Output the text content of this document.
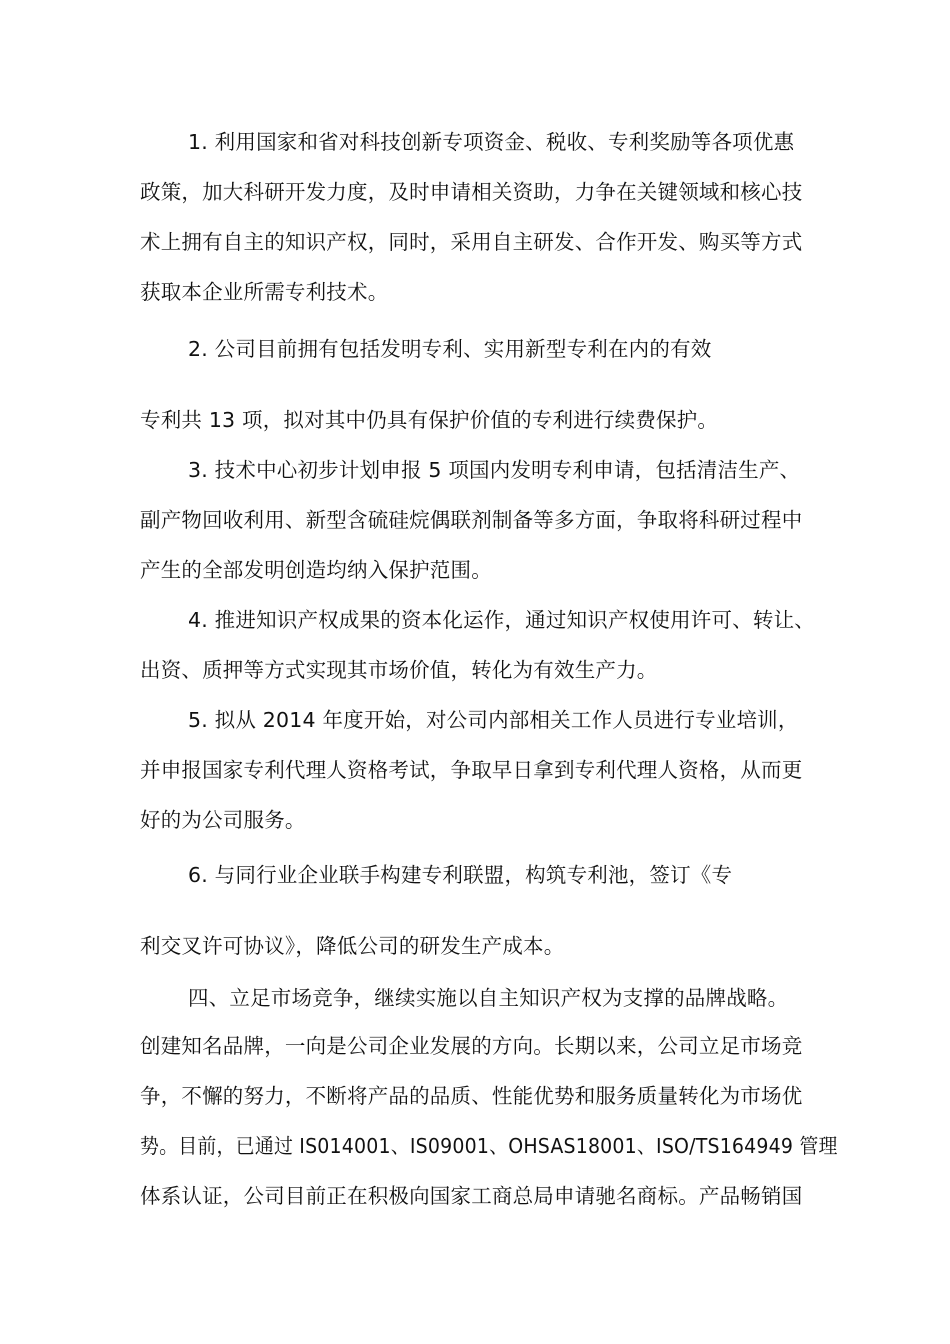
1. 利用国家和省对科技创新专项资金、税收、专利奖励等各项优惠
政策，加大科研开发力度，及时申请相关资助，力争在关键领域和核心技
术上拥有自主的知识产权，同时，采用自主研发、合作开发、购买等方式
获取本企业所需专利技术。
2. 公司目前拥有包括发明专利、实用新型专利在内的有效
专利共 13 项，拟对其中仍具有保护价值的专利进行续费保护。
3. 技术中心初步计划申报 5 项国内发明专利申请，包括清洁生产、
副产物回收利用、新型含硫硅烷偶联剂制备等多方面，争取将科研过程中
产生的全部发明创造均纳入保护范围。
4. 推进知识产权成果的资本化运作，通过知识产权使用许可、转让、
出资、质押等方式实现其市场价值，转化为有效生产力。
5. 拟从 2014 年度开始，对公司内部相关工作人员进行专业培训，
并申报国家专利代理人资格考试，争取早日拿到专利代理人资格，从而更
好的为公司服务。
6. 与同行业企业联手构建专利联盟，构筑专利池，签订《专
利交叉许可协议》，降低公司的研发生产成本。
四、立足市场竞争，继续实施以自主知识产权为支撑的品牌战略。
创建知名品牌，一向是公司企业发展的方向。长期以来，公司立足市场竞
争，不懈的努力，不断将产品的品质、性能优势和服务质量转化为市场优
势。目前，已通过 IS014001、IS09001、OHSAS18001、ISO/TS164949 管理
体系认证，公司目前正在积极向国家工商总局申请驰名商标。产品畅销国
